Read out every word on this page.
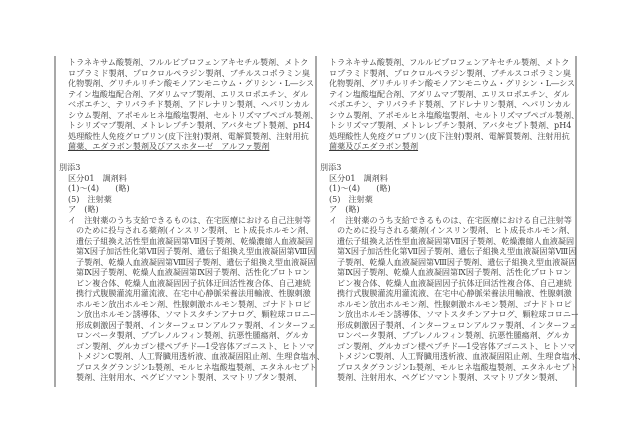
トラネキサム酸製剤、フルルビプロフェンアキセチル製剤、メトク
ロプラミド製剤、プロクロルペラジン製剤、ブチルスコポラミン臭
化物製剤、グリチルリチン酸モノアンモニウム・グリシン・L―シス
テイン塩酸塩配合剤、アダリムマブ製剤、エリスロポエチン、ダル
ベポエチン、テリパラチド製剤、アドレナリン製剤、ヘパリンカル
シウム製剤、アポモルヒネ塩酸塩製剤、セルトリズマブペゴル製剤、
トシリズマブ製剤、メトレレプチン製剤、アバタセプト製剤、pH4
処理酸性人免疫グロブリン(皮下注射)製剤、電解質製剤、注射用抗
菌薬、エダラボン製剤及びアスホターゼ　アルファ製剤
別添3
区分01　調剤料
(1)～(4)　　(略)
(5)　注射薬
ア　(略)
イ　注射薬のうち支給できるものは、在宅医療における自己注射等
のために投与される薬剤(インスリン製剤、ヒト成長ホルモン剤、
遺伝子組換え活性型血液凝固第Ⅶ因子製剤、乾燥濃縮人血液凝固
第Ⅹ因子加活性化第Ⅶ因子製剤、遺伝子組換え型血液凝固第Ⅷ因
子製剤、乾燥人血液凝固第Ⅷ因子製剤、遺伝子組換え型血液凝固
第Ⅸ因子製剤、乾燥人血液凝固第Ⅸ因子製剤、活性化プロトロン
ビン複合体、乾燥人血液凝固因子抗体迂回活性複合体、自己連続
携行式腹膜灌流用灌流液、在宅中心静脈栄養法用輸液、性腺刺激
ホルモン放出ホルモン剤、性腺刺激ホルモン製剤、ゴナドトロピ
ン放出ホルモン誘導体、ソマトスタチンアナログ、顆粒球コロニー
形成刺激因子製剤、インターフェロンアルファ製剤、インターフェ
ロンベータ製剤、ブプレノルフィン製剤、抗悪性腫瘍剤、グルカ
ゴン製剤、グルカゴン様ペプチド―1受容体アゴニスト、ヒトソマ
トメジンC製剤、人工腎臓用透析液、血液凝固阻止剤、生理食塩水、
プロスタグランジンI₂製剤、モルヒネ塩酸塩製剤、エタネルセプト
製剤、注射用水、ペグビソマント製剤、スマトリプタン製剤、
トラネキサム酸製剤、フルルビプロフェンアキセチル製剤、メトク
ロプラミド製剤、プロクロルペラジン製剤、ブチルスコポラミン臭
化物製剤、グリチルリチン酸モノアンモニウム・グリシン・L―シス
テイン塩酸塩配合剤、アダリムマブ製剤、エリスロポエチン、ダル
ベポエチン、テリパラチド製剤、アドレナリン製剤、ヘパリンカル
シウム製剤、アポモルヒネ塩酸塩製剤、セルトリズマブペゴル製剤、
トシリズマブ製剤、メトレレプチン製剤、アバタセプト製剤、pH4
処理酸性人免疫グロブリン(皮下注射)製剤、電解質製剤、注射用抗
菌薬及びエダラボン製剤
別添3
区分01　調剤料
(1)～(4)　　(略)
(5)　注射薬
ア　(略)
イ　注射薬のうち支給できるものは、在宅医療における自己注射等
のために投与される薬剤(インスリン製剤、ヒト成長ホルモン剤、
遺伝子組換え活性型血液凝固第Ⅶ因子製剤、乾燥濃縮人血液凝固
第Ⅹ因子加活性化第Ⅶ因子製剤、遺伝子組換え型血液凝固第Ⅷ因
子製剤、乾燥人血液凝固第Ⅷ因子製剤、遺伝子組換え型血液凝固
第Ⅸ因子製剤、乾燥人血液凝固第Ⅸ因子製剤、活性化プロトロン
ビン複合体、乾燥人血液凝固因子抗体迂回活性複合体、自己連続
携行式腹膜灌流用灌流液、在宅中心静脈栄養法用輸液、性腺刺激
ホルモン放出ホルモン剤、性腺刺激ホルモン製剤、ゴナドトロピ
ン放出ホルモン誘導体、ソマトスタチンアナログ、顆粒球コロニー
形成刺激因子製剤、インターフェロンアルファ製剤、インターフェ
ロンベータ製剤、ブプレノルフィン製剤、抗悪性腫瘍剤、グルカ
ゴン製剤、グルカゴン様ペプチド―1受容体アゴニスト、ヒトソマ
トメジンC製剤、人工腎臓用透析液、血液凝固阻止剤、生理食塩水、
プロスタグランジンI₂製剤、モルヒネ塩酸塩製剤、エタネルセプト
製剤、注射用水、ペグビソマント製剤、スマトリプタン製剤、
